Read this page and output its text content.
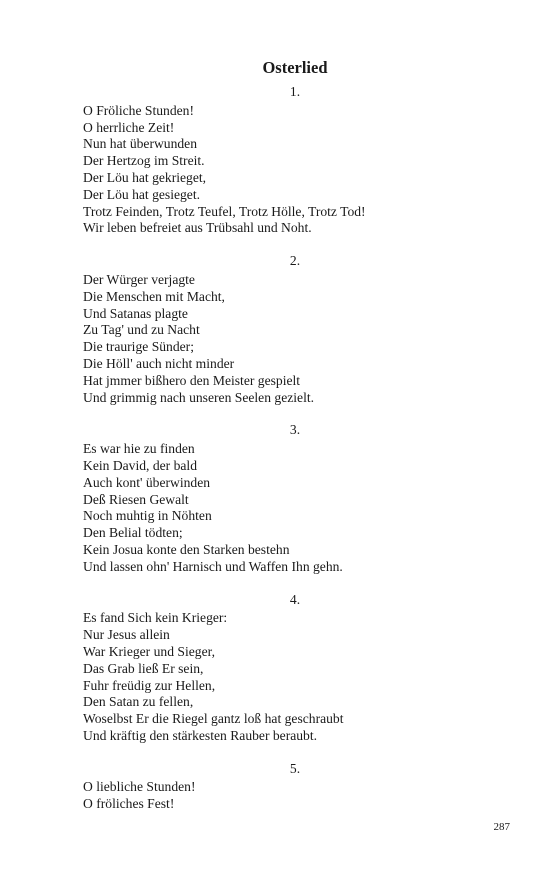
Osterlied
1.
O Fröliche Stunden!
O herrliche Zeit!
Nun hat überwunden
Der Hertzog im Streit.
Der Löu hat gekrieget,
Der Löu hat gesieget.
Trotz Feinden, Trotz Teufel, Trotz Hölle, Trotz Tod!
Wir leben befreiet aus Trübsahl und Noht.
2.
Der Würger verjagte
Die Menschen mit Macht,
Und Satanas plagte
Zu Tag' und zu Nacht
Die traurige Sünder;
Die Höll' auch nicht minder
Hat jmmer bißhero den Meister gespielt
Und grimmig nach unseren Seelen gezielt.
3.
Es war hie zu finden
Kein David, der bald
Auch kont' überwinden
Deß Riesen Gewalt
Noch muhtig in Nöhten
Den Belial tödten;
Kein Josua konte den Starken bestehn
Und lassen ohn' Harnisch und Waffen Ihn gehn.
4.
Es fand Sich kein Krieger:
Nur Jesus allein
War Krieger und Sieger,
Das Grab ließ Er sein,
Fuhr freüdig zur Hellen,
Den Satan zu fellen,
Woselbst Er die Riegel gantz loß hat geschraubt
Und kräftig den stärkesten Rauber beraubt.
5.
O liebliche Stunden!
O fröliches Fest!
287
